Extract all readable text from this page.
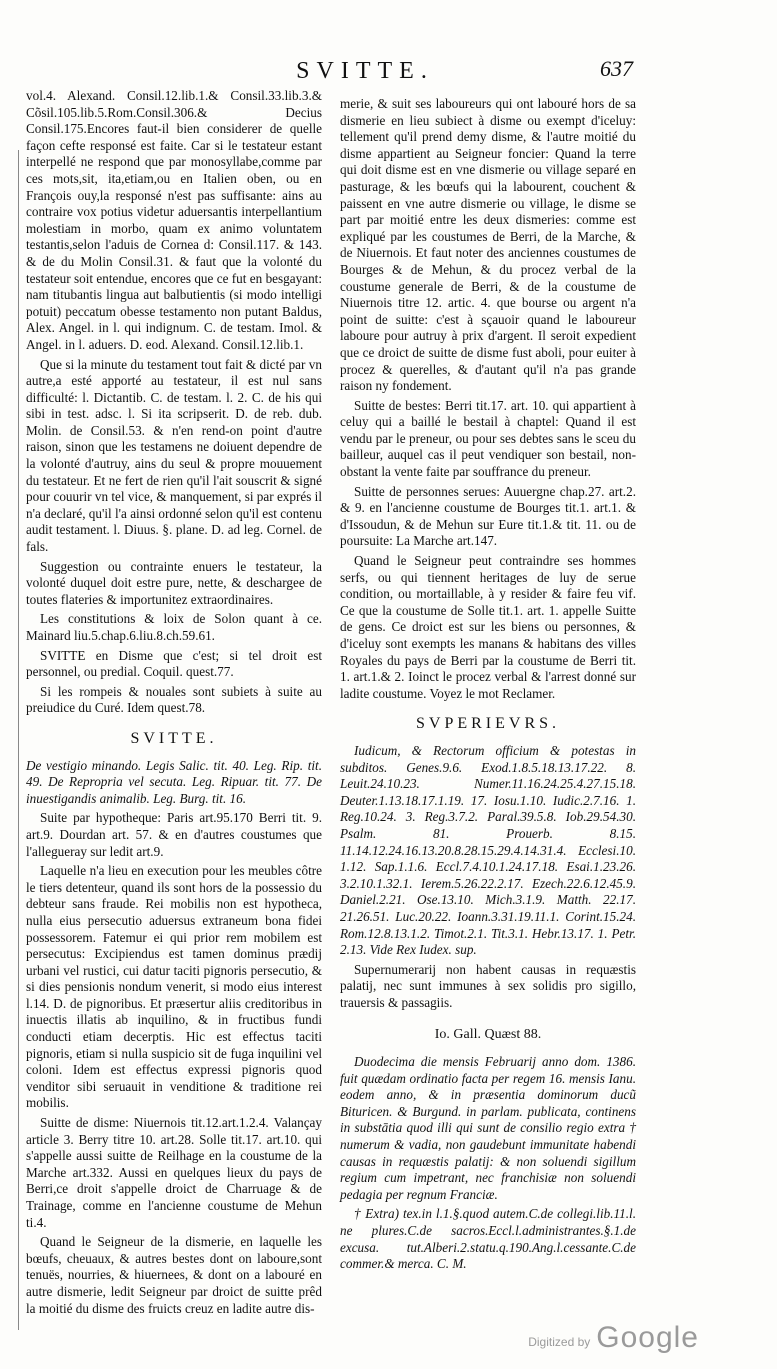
SVITTE.	637

vol.4. Alexand. Consil.12.lib.1.& Consil.33.lib.3.& Cõsil.105.lib.5.Rom.Consil.306.& Decius Consil.175.Encores faut-il bien considerer de quelle façon cefte responsé est faite. Car si le testateur estant interpellé ne respond que par monosyllabe,comme par ces mots,sit, ita,etiam,ou en Italien oben, ou en François ouy,la responsé n'est pas suffisante: ains au contraire vox potius videtur aduersantis interpellantium molestiam in morbo, quam ex animo voluntatem testantis,selon l'aduis de Cornea d: Consil.117. & 143. & de du Molin Consil.31. & faut que la volonté du testateur soit entendue, encores que ce fut en besgayant: nam titubantis lingua aut balbutientis (si modo intelligi potuit) peccatum obesse testamento non putant Baldus, Alex. Angel. in l. qui indignum. C. de testam. Imol. & Angel. in l. aduers. D. eod. Alexand. Consil.12.lib.1.

Que si la minute du testament tout fait & dicté par vn autre,a esté apporté au testateur, il est nul sans difficulté: l. Dictantib. C. de testam. l. 2. C. de his qui sibi in test. adsc. l. Si ita scripserit. D. de reb. dub. Molin. de Consil.53. & n'en rend-on point d'autre raison, sinon que les testamens ne doiuent dependre de la volonté d'autruy, ains du seul & propre mouuement du testateur. Et ne fert de rien qu'il l'ait souscrit & signé pour couurir vn tel vice, & manquement, si par exprés il n'a declaré, qu'il l'a ainsi ordonné selon qu'il est contenu audit testament. l. Diuus. §. plane. D. ad leg. Cornel. de fals.

Suggestion ou contrainte enuers le testateur, la volonté duquel doit estre pure, nette, & deschargee de toutes flateries & importunitez extraordinaires.

Les constitutions & loix de Solon quant à ce. Mainard liu.5.chap.6.liu.8.ch.59.61.

SVITTE en Disme que c'est; si tel droit est personnel, ou predial. Coquil. quest.77.

Si les rompeis & nouales sont subiets à suite au preiudice du Curé. Idem quest.78.

SVITTE.

De vestigio minando. Legis Salic. tit. 40. Leg. Rip. tit. 49. De Repropria vel secuta. Leg. Ripuar. tit. 77. De inuestigandis animalib. Leg. Burg. tit. 16.

Suite par hypotheque: Paris art.95.170 Berri tit. 9. art.9. Dourdan art. 57. & en d'autres coustumes que l'allegueray sur ledit art.9.

Laquelle n'a lieu en execution pour les meubles côtre le tiers detenteur, quand ils sont hors de la possessio du debteur sans fraude. Rei mobilis non est hypotheca, nulla eius persecutio aduersus extraneum bona fidei possessorem. Fatemur ei qui prior rem mobilem est persecutus: Excipiendus est tamen dominus prædij urbani vel rustici, cui datur taciti pignoris persecutio, & si dies pensionis nondum venerit, si modo eius interest l.14. D. de pignoribus. Et præsertur aliis creditoribus in inuectis illatis ab inquilino, & in fructibus fundi conducti etiam decerptis. Hic est effectus taciti pignoris, etiam si nulla suspicio sit de fuga inquilini vel coloni. Idem est effectus expressi pignoris quod venditor sibi seruauit in venditione & traditione rei mobilis.

Suitte de disme: Niuernois tit.12.art.1.2.4. Valançay article 3. Berry titre 10. art.28. Solle tit.17. art.10. qui s'appelle aussi suitte de Reilhage en la coustume de la Marche art.332. Aussi en quelques lieux du pays de Berri,ce droit s'appelle droict de Charruage & de Trainage, comme en l'ancienne coustume de Mehun ti.4.

Quand le Seigneur de la dismerie, en laquelle les bœufs, cheuaux, & autres bestes dont on laboure,sont tenuës, nourries, & hiuernees, & dont on a labouré en autre dismerie, ledit Seigneur par droict de suitte prêd la moitié du disme des fruicts creuz en ladite autre dis-

merie, & suit ses laboureurs qui ont labouré hors de sa dismerie en lieu subiect à disme ou exempt d'iceluy: tellement qu'il prend demy disme, & l'autre moitié du disme appartient au Seigneur foncier: Quand la terre qui doit disme est en vne dismerie ou village separé en pasturage, & les bœufs qui la labourent, couchent & paissent en vne autre dismerie ou village, le disme se part par moitié entre les deux dismeries: comme est expliqué par les coustumes de Berri, de la Marche, & de Niuernois. Et faut noter des anciennes coustumes de Bourges & de Mehun, & du procez verbal de la coustume generale de Berri, & de la coustume de Niuernois titre 12. artic. 4. que bourse ou argent n'a point de suitte: c'est à sçauoir quand le laboureur laboure pour autruy à prix d'argent. Il seroit expedient que ce droict de suitte de disme fust aboli, pour euiter à procez & querelles, & d'autant qu'il n'a pas grande raison ny fondement.

Suitte de bestes: Berri tit.17. art. 10. qui appartient à celuy qui a baillé le bestail à chaptel: Quand il est vendu par le preneur, ou pour ses debtes sans le sceu du bailleur, auquel cas il peut vendiquer son bestail, non-obstant la vente faite par souffrance du preneur.

Suitte de personnes serues: Auuergne chap.27. art.2. & 9. en l'ancienne coustume de Bourges tit.1. art.1. & d'Issoudun, & de Mehun sur Eure tit.1.& tit. 11. ou de poursuite: La Marche art.147.

Quand le Seigneur peut contraindre ses hommes serfs, ou qui tiennent heritages de luy de serue condition, ou mortaillable, à y resider & faire feu vif. Ce que la coustume de Solle tit.1. art. 1. appelle Suitte de gens. Ce droict est sur les biens ou personnes, & d'iceluy sont exempts les manans & habitans des villes Royales du pays de Berri par la coustume de Berri tit. 1. art.1.& 2. Ioinct le procez verbal & l'arrest donné sur ladite coustume. Voyez le mot Reclamer.

SVPERIEVRS.

Iudicum, & Rectorum officium & potestas in subditos. Genes.9.6. Exod.1.8.5.18.13.17.22. 8. Leuit.24.10.23. Numer.11.16.24.25.4.27.15.18. Deuter.1.13.18.17.1.19. 17. Iosu.1.10. Iudic.2.7.16. 1. Reg.10.24. 3. Reg.3.7.2. Paral.39.5.8. Iob.29.54.30. Psalm. 81. Prouerb. 8.15. 11.14.12.24.16.13.20.8.28.15.29.4.14.31.4. Ecclesi.10. 1.12. Sap.1.1.6. Eccl.7.4.10.1.24.17.18. Esai.1.23.26. 3.2.10.1.32.1. Ierem.5.26.22.2.17. Ezech.22.6.12.45.9. Daniel.2.21. Ose.13.10. Mich.3.1.9. Matth. 22.17. 21.26.51. Luc.20.22. Ioann.3.31.19.11.1. Corint.15.24. Rom.12.8.13.1.2. Timot.2.1. Tit.3.1. Hebr.13.17. 1. Petr. 2.13. Vide Rex Iudex. sup.

Supernumerarij non habent causas in requæstis palatij, nec sunt immunes à sex solidis pro sigillo, trauersis & passagiis.

Io. Gall. Quæst 88.

Duodecima die mensis Februarij anno dom. 1386. fuit quædam ordinatio facta per regem 16. mensis Ianu. eodem anno, & in præsentia dominorum ducũ Bituricen. & Burgund. in parlam. publicata, continens in substātia quod illi qui sunt de consilio regio extra † numerum & vadia, non gaudebunt immunitate habendi causas in requæstis palatij: & non soluendi sigillum regium cum impetrant, nec franchisiæ non soluendi pedagia per regnum Franciæ.

† Extra) tex.in l.1.§.quod autem.C.de collegi.lib.11.l. ne plures.C.de sacros.Eccl.l.administrantes.§.1.de excusa. tut.Alberi.2.statu.q.190.Ang.l.cessante.C.de commer.& merca. C. M.

Digitized by Google
